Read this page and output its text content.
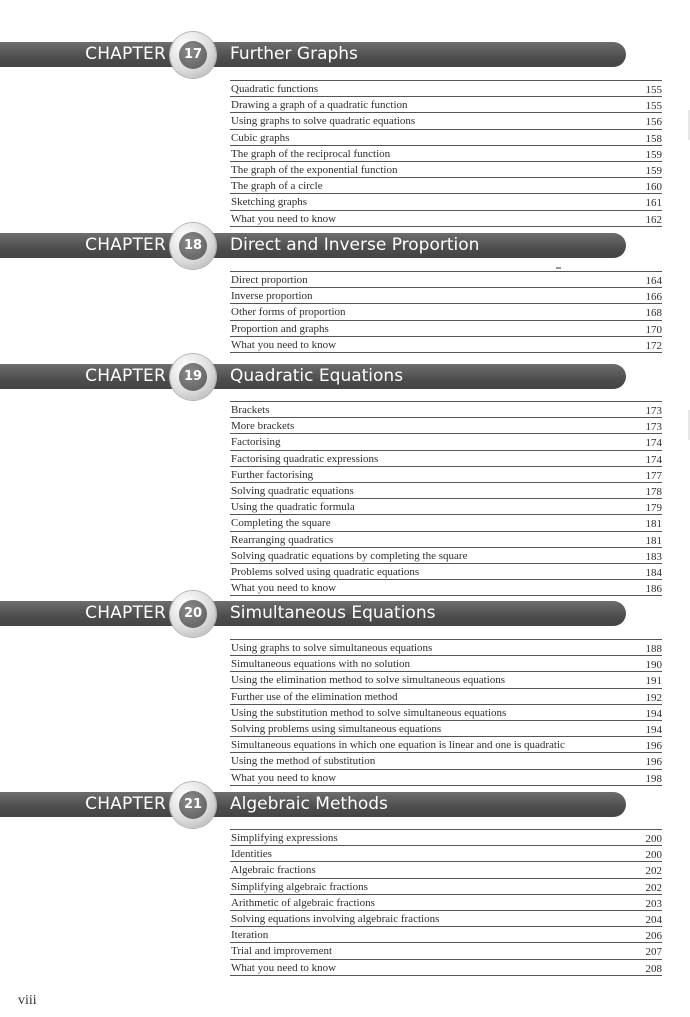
CHAPTER	17 Further Graphs
Quadratic functions	155
Drawing a graph of a quadratic function	155
Using graphs to solve quadratic equations	156
Cubic graphs	158
The graph of the reciprocal function	159
The graph of the exponential function	159
The graph of a circle	160
Sketching graphs	161
What you need to know	162
CHAPTER	18 Direct and Inverse Proportion
Direct proportion	164
Inverse proportion	166
Other forms of proportion	168
Proportion and graphs	170
What you need to know	172
CHAPTER	19 Quadratic Equations
Brackets	173
More brackets	173
Factorising	174
Factorising quadratic expressions	174
Further factorising	177
Solving quadratic equations	178
Using the quadratic formula	179
Completing the square	181
Rearranging quadratics	181
Solving quadratic equations by completing the square	183
Problems solved using quadratic equations	184
What you need to know	186
CHAPTER	20 Simultaneous Equations
Using graphs to solve simultaneous equations	188
Simultaneous equations with no solution	190
Using the elimination method to solve simultaneous equations	191
Further use of the elimination method	192
Using the substitution method to solve simultaneous equations	194
Solving problems using simultaneous equations	194
Simultaneous equations in which one equation is linear and one is quadratic	196
Using the method of substitution	196
What you need to know	198
CHAPTER	21 Algebraic Methods
Simplifying expressions	200
Identities	200
Algebraic fractions	202
Simplifying algebraic fractions	202
Arithmetic of algebraic fractions	203
Solving equations involving algebraic fractions	204
Iteration	206
Trial and improvement	207
What you need to know	208
viii
